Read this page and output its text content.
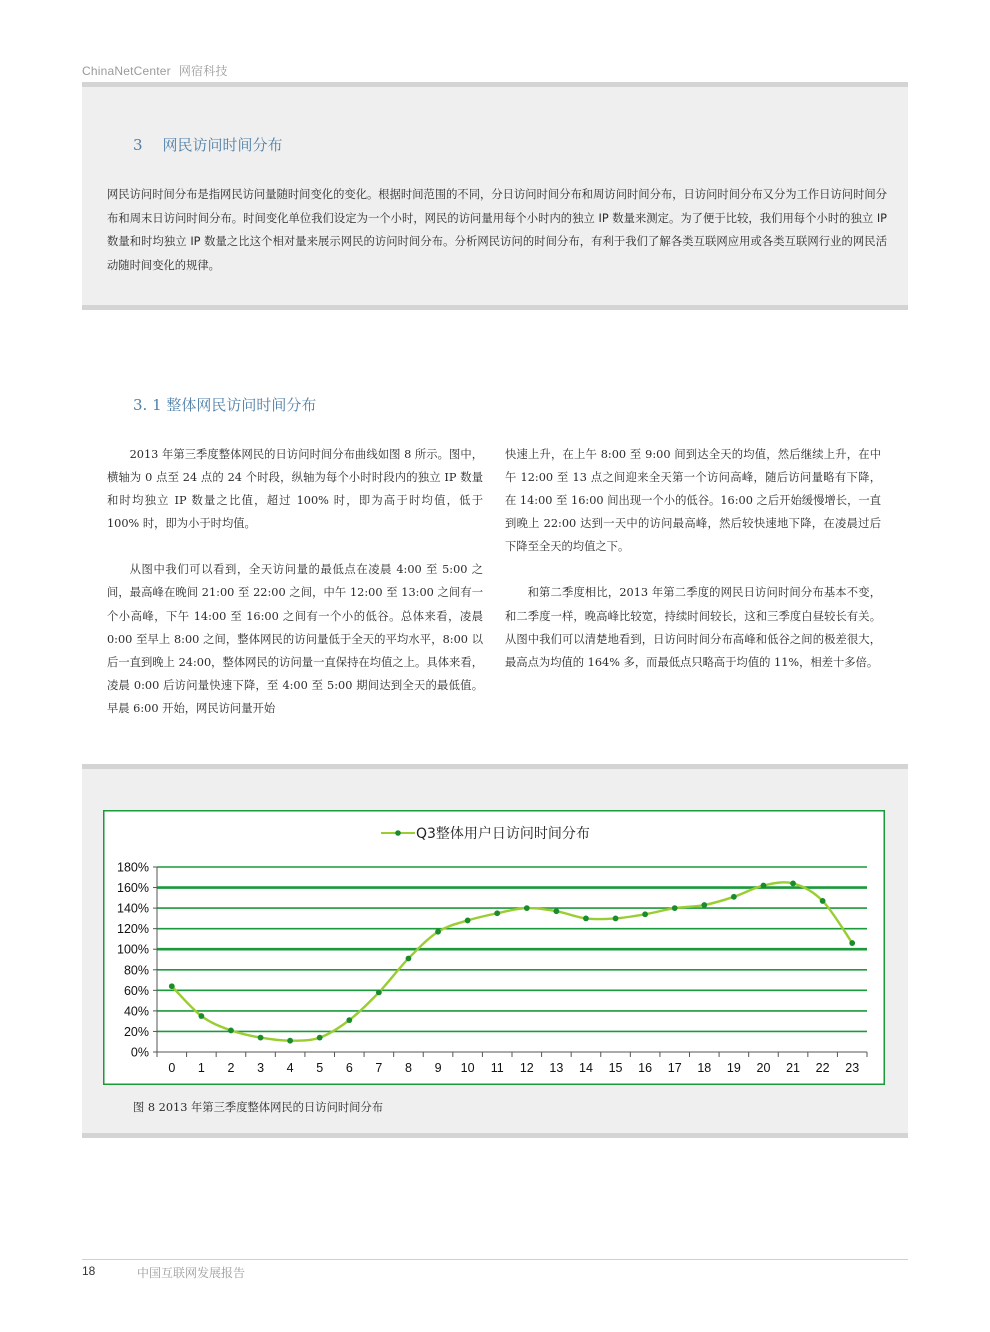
ChinaNetCenter 网宿科技
3 网民访问时间分布

网民访问时间分布是指网民访问量随时间变化的变化。根据时间范围的不同，分日访问时间分布和周访问时间分布，日访问时间分布又分为工作日访问时间分布和周末日访问时间分布。时间变化单位我们设定为一个小时，网民的访问量用每个小时内的独立 IP 数量来测定。为了便于比较，我们用每个小时的独立 IP 数量和时均独立 IP 数量之比这个相对量来展示网民的访问时间分布。分析网民访问的时间分布，有利于我们了解各类互联网应用或各类互联网行业的网民活动随时间变化的规律。

3. 1 整体网民访问时间分布

2013 年第三季度整体网民的日访问时间分布曲线如图 8 所示。图中，横轴为 0 点至 24 点的 24 个时段，纵轴为每个小时时段内的独立 IP 数量和时均独立 IP 数量之比值，超过 100% 时，即为高于时均值，低于 100% 时，即为小于时均值。

从图中我们可以看到，全天访问量的最低点在凌晨 4:00 至 5:00 之间，最高峰在晚间 21:00 至 22:00 之间，中午 12:00 至 13:00 之间有一个小高峰，下午 14:00 至 16:00 之间有一个小的低谷。总体来看，凌晨 0:00 至早上 8:00 之间，整体网民的访问量低于全天的平均水平，8:00 以后一直到晚上 24:00，整体网民的访问量一直保持在均值之上。具体来看，凌晨 0:00 后访问量快速下降，至 4:00 至 5:00 期间达到全天的最低值。早晨 6:00 开始，网民访问量开始

快速上升，在上午 8:00 至 9:00 间到达全天的均值，然后继续上升，在中午 12:00 至 13 点之间迎来全天第一个访问高峰，随后访问量略有下降，在 14:00 至 16:00 间出现一个小的低谷。16:00 之后开始缓慢增长，一直到晚上 22:00 达到一天中的访问最高峰，然后较快速地下降，在凌晨过后下降至全天的均值之下。

和第二季度相比，2013 年第二季度的网民日访问时间分布基本不变，和二季度一样，晚高峰比较宽，持续时间较长，这和三季度白昼较长有关。从图中我们可以清楚地看到，日访问时间分布高峰和低谷之间的极差很大，最高点为均值的 164% 多，而最低点只略高于均值的 11%，相差十多倍。

0%
20%
40%
60%
80%
100%
120%
140%
160%
180%
0 1 2 3 4 5 6 7 8 9 10 11 12 13 14 15 16 17 18 19 20 21 22 23
Q3整体用户日访问时间分布
图 8 2013 年第三季度整体网民的日访问时间分布
18	中国互联网发展报告
